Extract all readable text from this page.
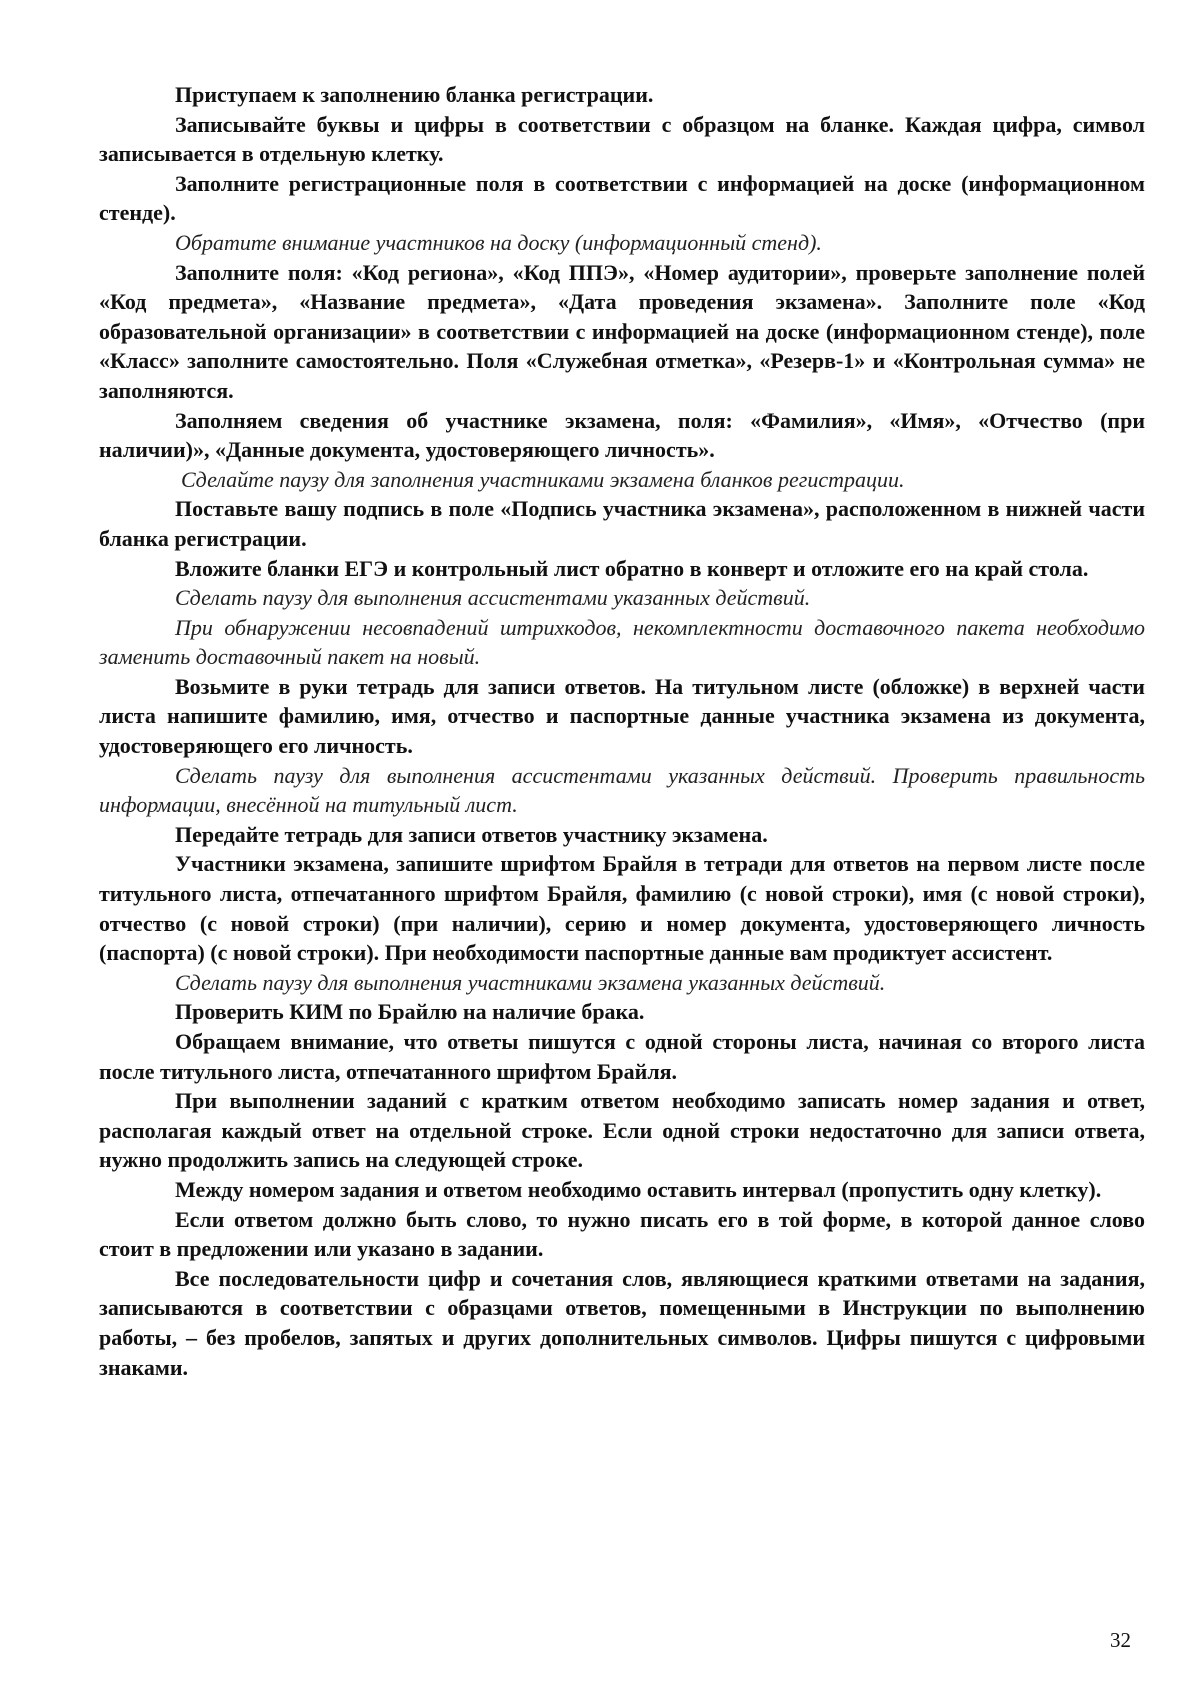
Приступаем к заполнению бланка регистрации.

Записывайте буквы и цифры в соответствии с образцом на бланке. Каждая цифра, символ записывается в отдельную клетку.

Заполните регистрационные поля в соответствии с информацией на доске (информационном стенде).

Обратите внимание участников на доску (информационный стенд).

Заполните поля: «Код региона», «Код ППЭ», «Номер аудитории», проверьте заполнение полей «Код предмета», «Название предмета», «Дата проведения экзамена». Заполните поле «Код образовательной организации» в соответствии с информацией на доске (информационном стенде), поле «Класс» заполните самостоятельно. Поля «Служебная отметка», «Резерв-1» и «Контрольная сумма» не заполняются.

Заполняем сведения об участнике экзамена, поля: «Фамилия», «Имя», «Отчество (при наличии)», «Данные документа, удостоверяющего личность».

Сделайте паузу для заполнения участниками экзамена бланков регистрации.

Поставьте вашу подпись в поле «Подпись участника экзамена», расположенном в нижней части бланка регистрации.

Вложите бланки ЕГЭ и контрольный лист обратно в конверт и отложите его на край стола.

Сделать паузу для выполнения ассистентами указанных действий.

При обнаружении несовпадений штрихкодов, некомплектности доставочного пакета необходимо заменить доставочный пакет на новый.

Возьмите в руки тетрадь для записи ответов. На титульном листе (обложке) в верхней части листа напишите фамилию, имя, отчество и паспортные данные участника экзамена из документа, удостоверяющего его личность.

Сделать паузу для выполнения ассистентами указанных действий. Проверить правильность информации, внесённой на титульный лист.

Передайте тетрадь для записи ответов участнику экзамена.

Участники экзамена, запишите шрифтом Брайля в тетради для ответов на первом листе после титульного листа, отпечатанного шрифтом Брайля, фамилию (с новой строки), имя (с новой строки), отчество (с новой строки) (при наличии), серию и номер документа, удостоверяющего личность (паспорта) (с новой строки). При необходимости паспортные данные вам продиктует ассистент.

Сделать паузу для выполнения участниками экзамена указанных действий.

Проверить КИМ по Брайлю на наличие брака.

Обращаем внимание, что ответы пишутся с одной стороны листа, начиная со второго листа после титульного листа, отпечатанного шрифтом Брайля.

При выполнении заданий с кратким ответом необходимо записать номер задания и ответ, располагая каждый ответ на отдельной строке. Если одной строки недостаточно для записи ответа, нужно продолжить запись на следующей строке.

Между номером задания и ответом необходимо оставить интервал (пропустить одну клетку).

Если ответом должно быть слово, то нужно писать его в той форме, в которой данное слово стоит в предложении или указано в задании.

Все последовательности цифр и сочетания слов, являющиеся краткими ответами на задания, записываются в соответствии с образцами ответов, помещенными в Инструкции по выполнению работы, – без пробелов, запятых и других дополнительных символов. Цифры пишутся с цифровыми знаками.

32
